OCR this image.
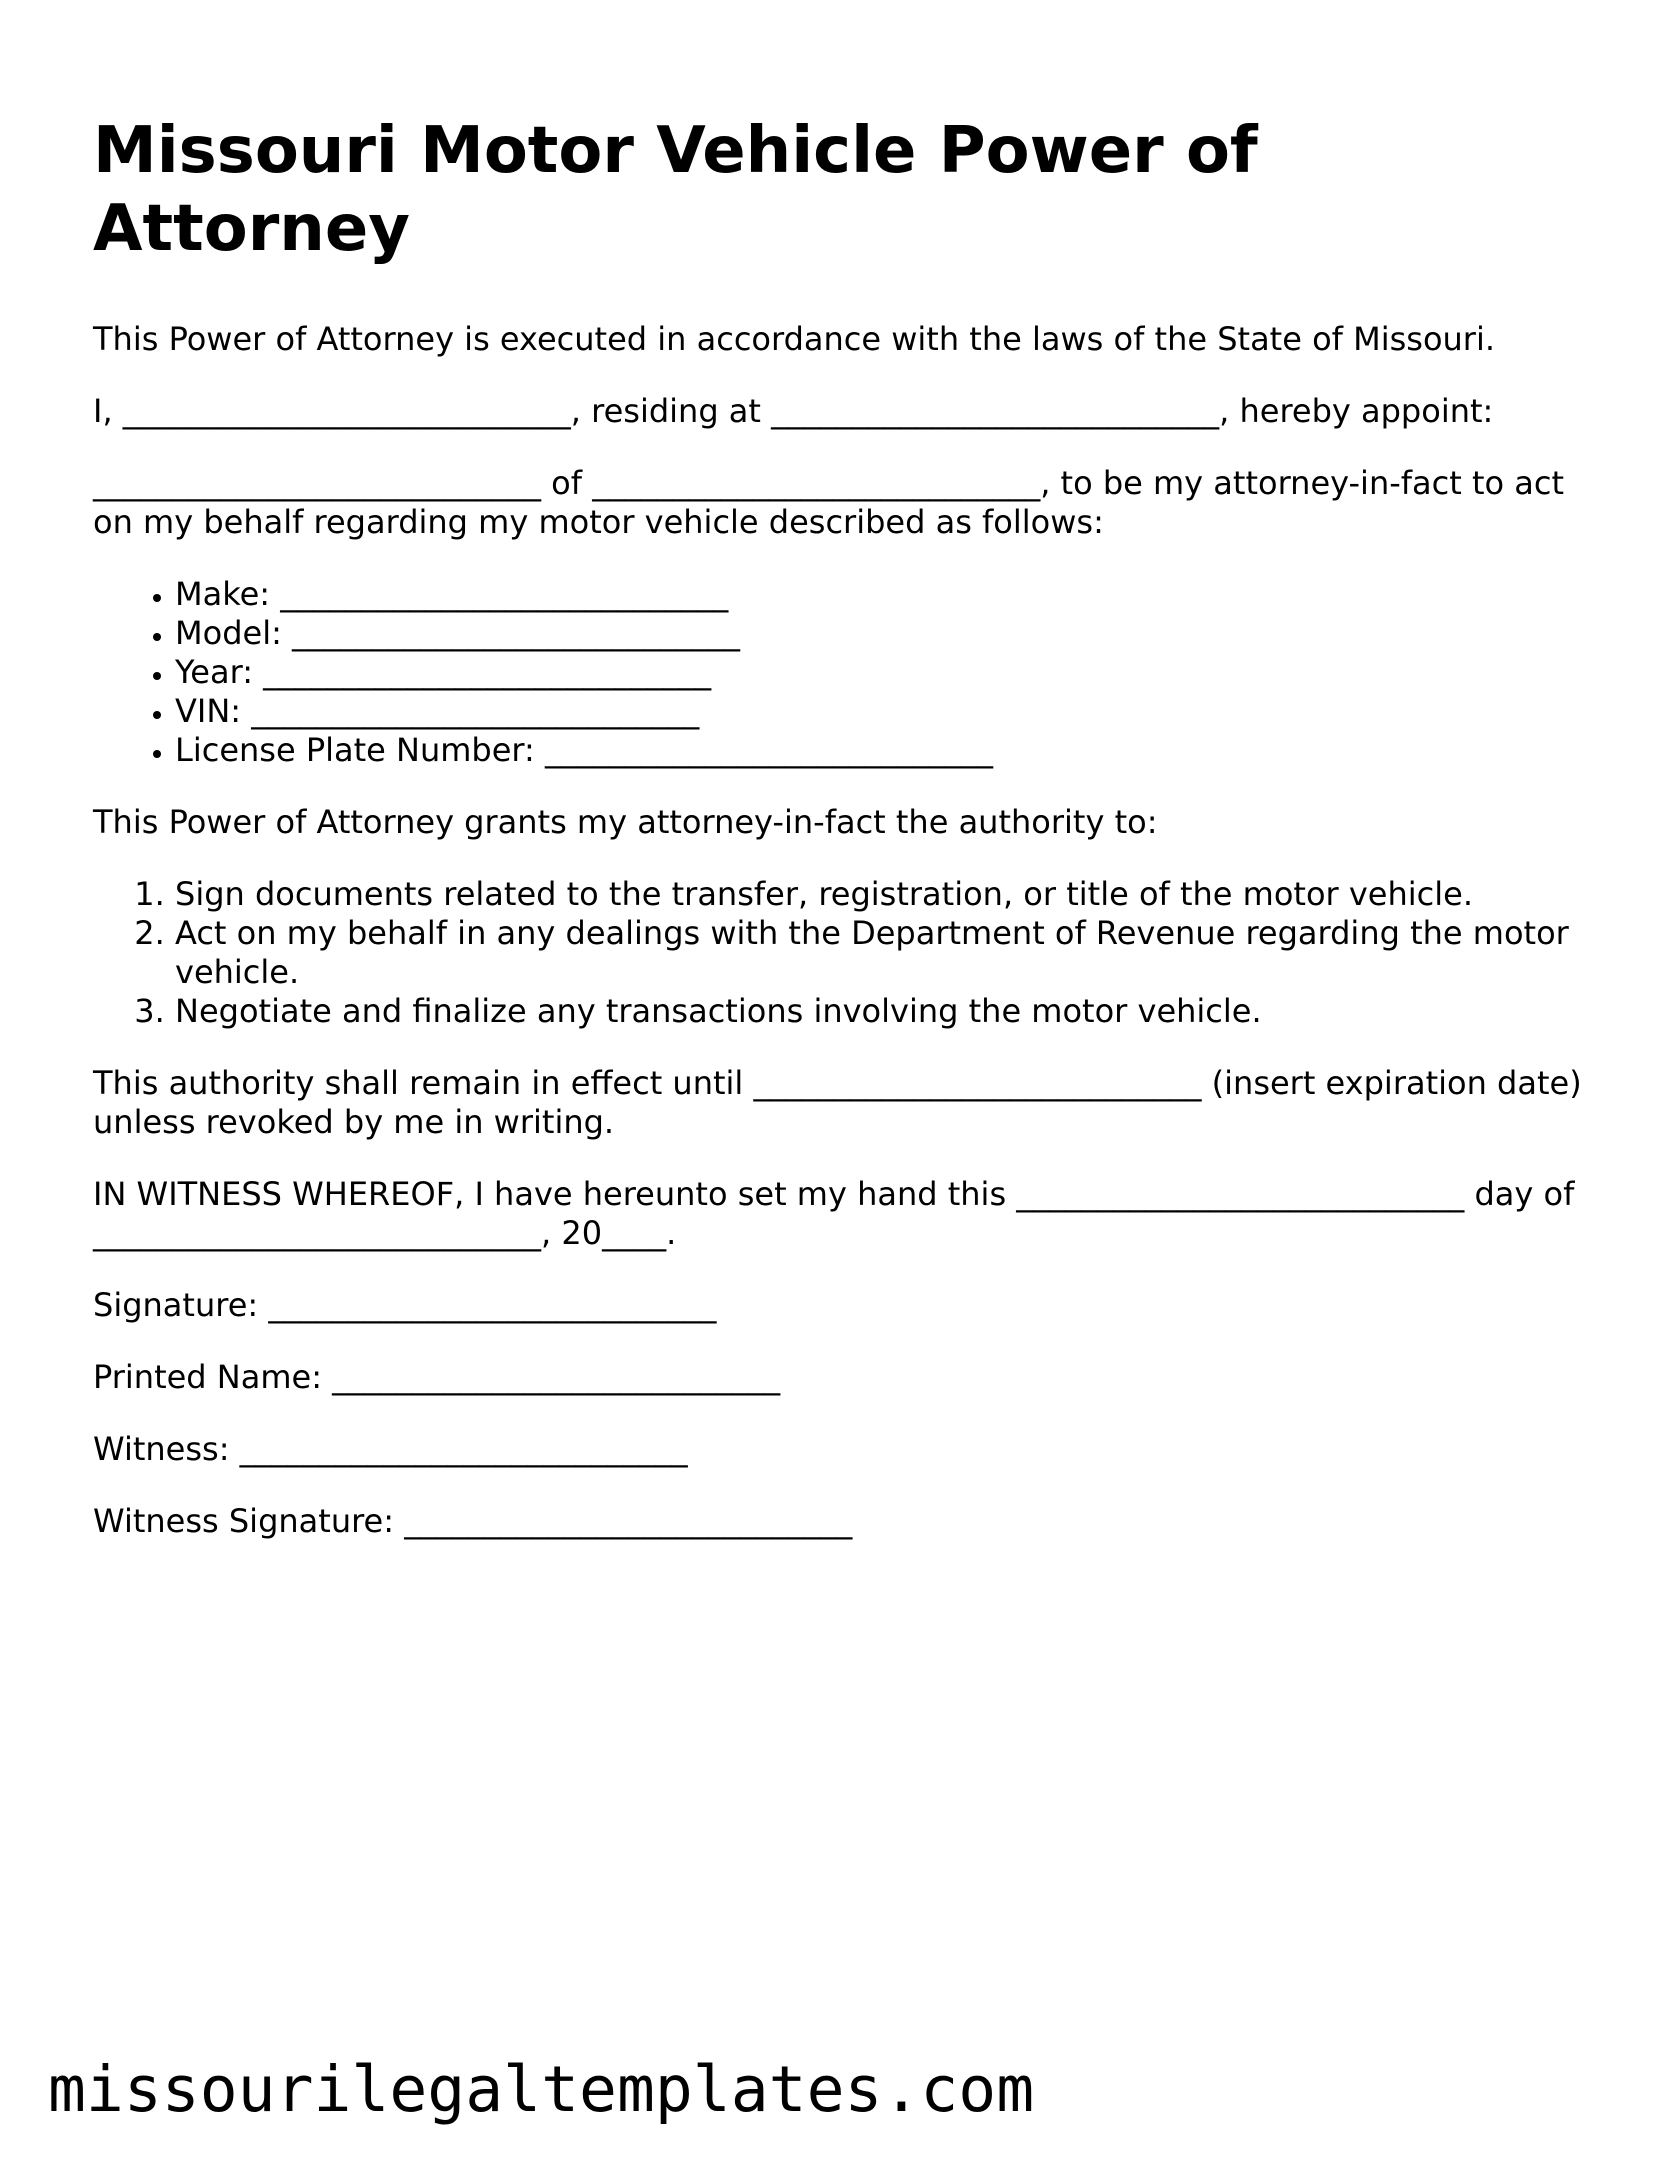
Missouri Motor Vehicle Power of Attorney

This Power of Attorney is executed in accordance with the laws of the State of Missouri.

I, ____________________________, residing at ____________________________, hereby appoint:

____________________________ of ____________________________, to be my attorney-in-fact to act on my behalf regarding my motor vehicle described as follows:

• Make: ____________________________
• Model: ____________________________
• Year: ____________________________
• VIN: ____________________________
• License Plate Number: ____________________________

This Power of Attorney grants my attorney-in-fact the authority to:

1. Sign documents related to the transfer, registration, or title of the motor vehicle.
2. Act on my behalf in any dealings with the Department of Revenue regarding the motor vehicle.
3. Negotiate and finalize any transactions involving the motor vehicle.

This authority shall remain in effect until ____________________________ (insert expiration date) unless revoked by me in writing.

IN WITNESS WHEREOF, I have hereunto set my hand this ____________________________ day of ____________________________, 20____.

Signature: ____________________________

Printed Name: ____________________________

Witness: ____________________________

Witness Signature: ____________________________

missourilegaltemplates.com
